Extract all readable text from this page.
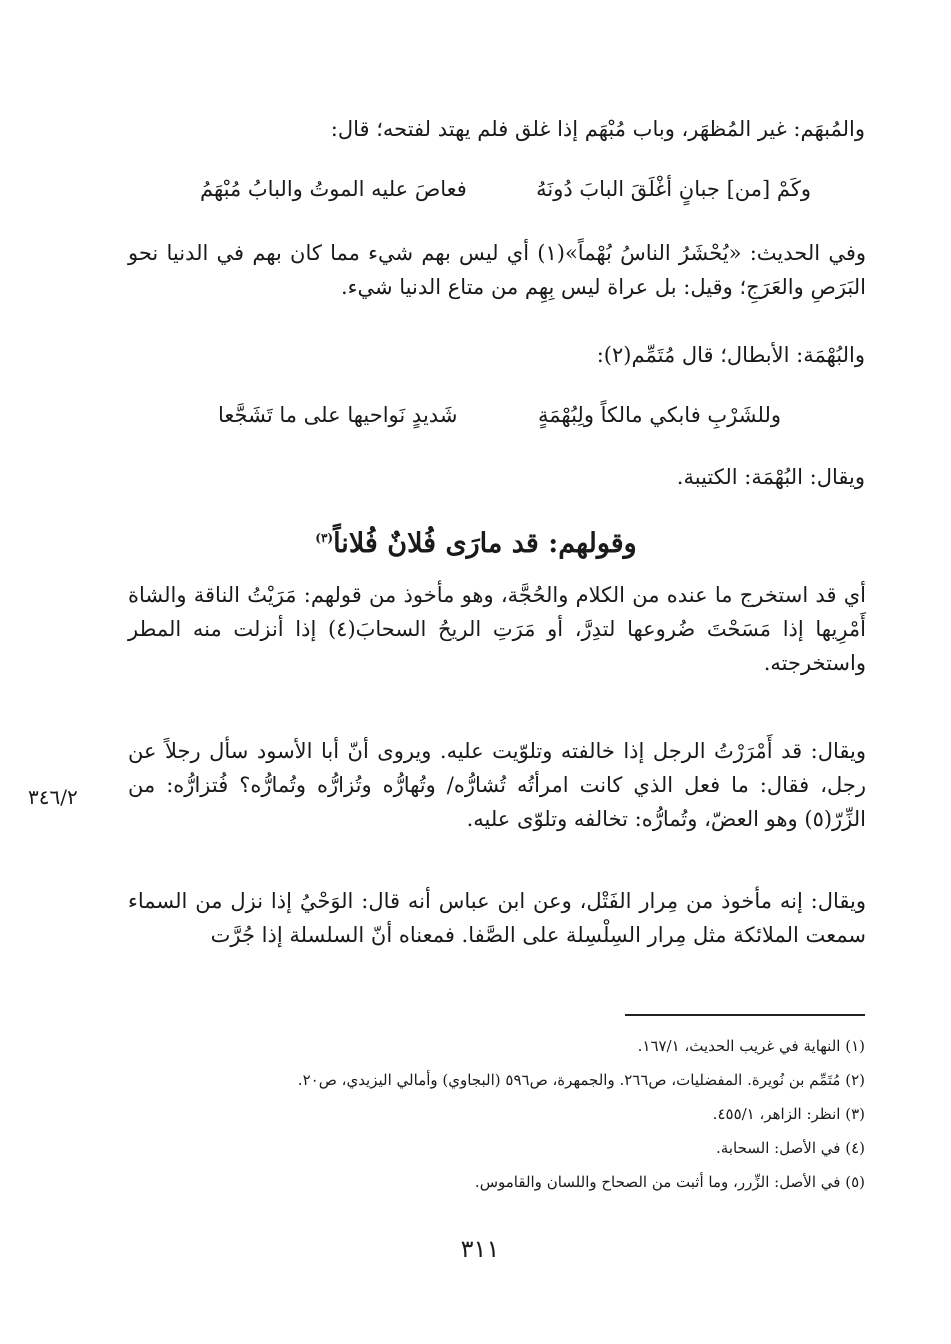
والمُبهَم: غير المُظهَر، وباب مُبْهَم إذا غلق فلم يهتد لفتحه؛ قال:
وكَمْ [من] جبانٍ أغْلَقَ البابَ دُونَهُ
فعاصَ عليه الموتُ والبابُ مُبْهَمُ
وفي الحديث: «يُحْشَرُ الناسُ بُهْماً»(١) أي ليس بهم شيء مما كان بهم في الدنيا نحو البَرَصِ والعَرَجِ؛ وقيل: بل عراة ليس بِهِم من متاع الدنيا شيء.
والبُهْمَة: الأبطال؛ قال مُتَمِّم(٢):
وللشَرْبِ فابكي مالكاً ولِبُهْمَةٍ
شَديدٍ نَواحيها على ما تَشَجَّعا
ويقال: البُهْمَة: الكتيبة.
وقولهم: قد مارَى فُلانٌ فُلاناً$^{(٣)}$
أي قد استخرج ما عنده من الكلام والحُجَّة، وهو مأخوذ من قولهم: مَرَيْتُ الناقة والشاة أَمْرِيها إذا مَسَحْتَ ضُروعها لتدِرَّ، أو مَرَتِ الريحُ السحابَ(٤) إذا أنزلت منه المطر واستخرجته.
ويقال: قد أَمْرَرْتُ الرجل إذا خالفته وتلوّيت عليه. ويروى أنّ أبا الأسود سأل رجلاً عن رجل، فقال: ما فعل الذي كانت امرأتُه تُشارُّه/ وتُهارُّه وتُزارُّه وتُمارُّه؟ فُتزارُّه: من الزِّرّ(٥) وهو العضّ، وتُمارُّه: تخالفه وتلوّى عليه.
٣٤٦/٢
ويقال: إنه مأخوذ من مِرار الفَتْل، وعن ابن عباس أنه قال: الوَحْيُ إذا نزل من السماء سمعت الملائكة مثل مِرار السِلْسِلة على الصَّفا. فمعناه أنّ السلسلة إذا جُرَّت
(١) النهاية في غريب الحديث، ١٦٧/١.
(٢) مُتَمِّم بن نُويرة. المفضليات، ص٢٦٦. والجمهرة، ص٥٩٦ (البجاوي) وأمالي اليزيدي، ص٢٠.
(٣) انظر: الزاهر، ٤٥٥/١.
(٤) في الأصل: السحابة.
(٥) في الأصل: الزِّرر، وما أثبت من الصحاح واللسان والقاموس.
٣١١
